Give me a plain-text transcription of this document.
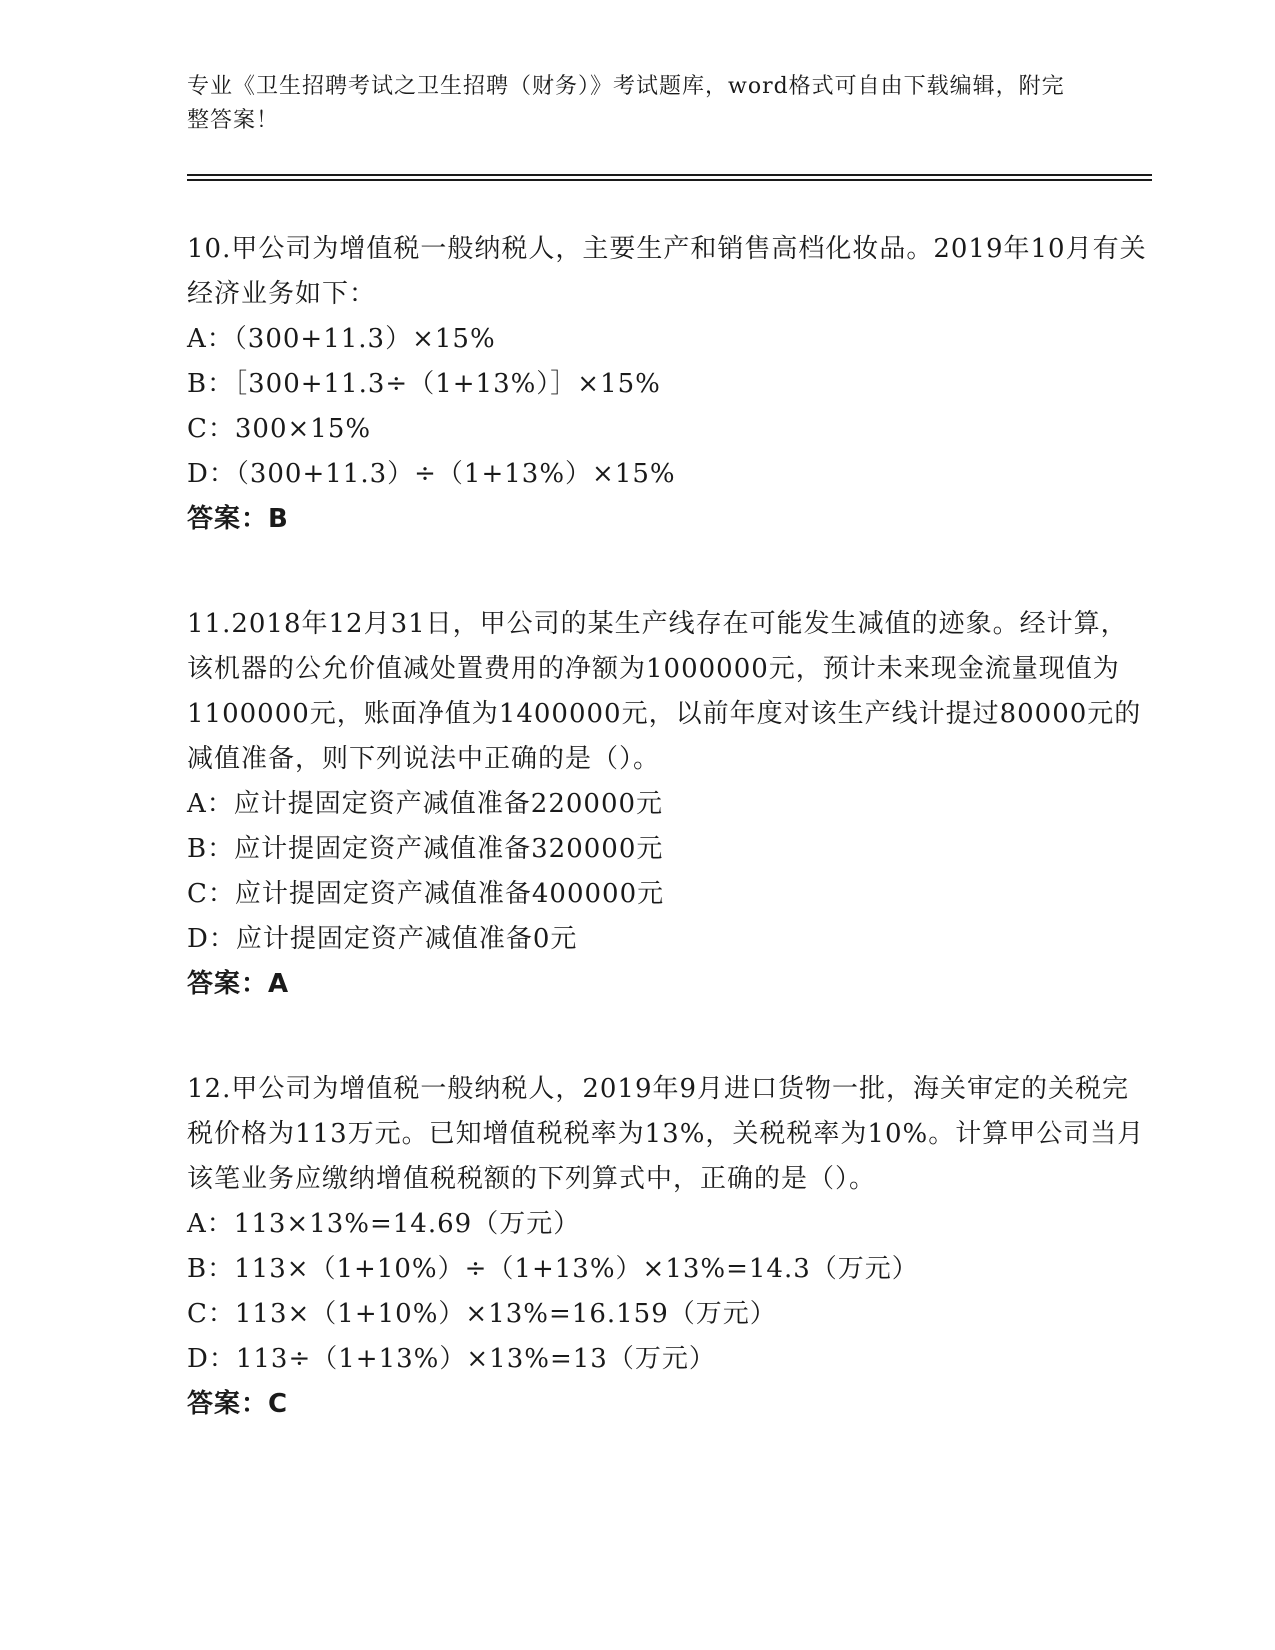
专业《卫生招聘考试之卫生招聘（财务）》考试题库，word格式可自由下载编辑，附完整答案！
10.甲公司为增值税一般纳税人，主要生产和销售高档化妆品。2019年10月有关经济业务如下：
A：（300+11.3）×15%
B：［300+11.3÷（1+13%）］×15%
C：300×15%
D：（300+11.3）÷（1+13%）×15%
答案：B
11.2018年12月31日，甲公司的某生产线存在可能发生减值的迹象。经计算，该机器的公允价值减处置费用的净额为1000000元，预计未来现金流量现值为1100000元，账面净值为1400000元，以前年度对该生产线计提过80000元的减值准备，则下列说法中正确的是（）。
A：应计提固定资产减值准备220000元
B：应计提固定资产减值准备320000元
C：应计提固定资产减值准备400000元
D：应计提固定资产减值准备0元
答案：A
12.甲公司为增值税一般纳税人，2019年9月进口货物一批，海关审定的关税完税价格为113万元。已知增值税税率为13%，关税税率为10%。计算甲公司当月该笔业务应缴纳增值税税额的下列算式中，正确的是（）。
A：113×13%=14.69（万元）
B：113×（1+10%）÷（1+13%）×13%=14.3（万元）
C：113×（1+10%）×13%=16.159（万元）
D：113÷（1+13%）×13%=13（万元）
答案：C
